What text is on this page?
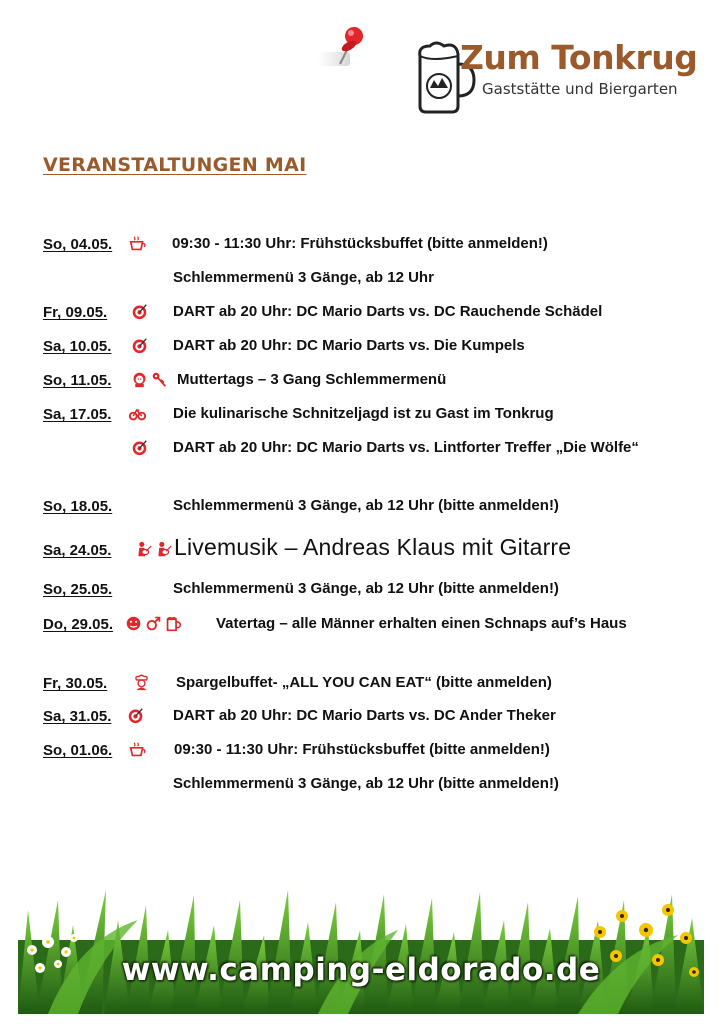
Zum Tonkrug
Gaststätte und Biergarten
VERANSTALTUNGEN MAI
So, 04.05.	09:30 - 11:30 Uhr: Frühstücksbuffet (bitte anmelden!)
Schlemmermenü 3 Gänge, ab 12 Uhr
Fr, 09.05.	DART ab 20 Uhr: DC Mario Darts vs. DC Rauchende Schädel
Sa, 10.05.	DART ab 20 Uhr: DC Mario Darts vs. Die Kumpels
So, 11.05.	Muttertags – 3 Gang Schlemmermenü
Sa, 17.05.	Die kulinarische Schnitzeljagd ist zu Gast im Tonkrug
DART ab 20 Uhr: DC Mario Darts vs. Lintforter Treffer „Die Wölfe“
So, 18.05.	Schlemmermenü 3 Gänge, ab 12 Uhr (bitte anmelden!)
Sa, 24.05.	Livemusik – Andreas Klaus mit Gitarre
So, 25.05.	Schlemmermenü 3 Gänge, ab 12 Uhr (bitte anmelden!)
Do, 29.05.	Vatertag – alle Männer erhalten einen Schnaps auf’s Haus
Fr, 30.05.	Spargelbuffet- „ALL YOU CAN EAT“ (bitte anmelden)
Sa, 31.05.	DART ab 20 Uhr: DC Mario Darts vs. DC Ander Theker
So, 01.06.	09:30 - 11:30 Uhr: Frühstücksbuffet (bitte anmelden!)
Schlemmermenü 3 Gänge, ab 12 Uhr (bitte anmelden!)
www.camping-eldorado.de
